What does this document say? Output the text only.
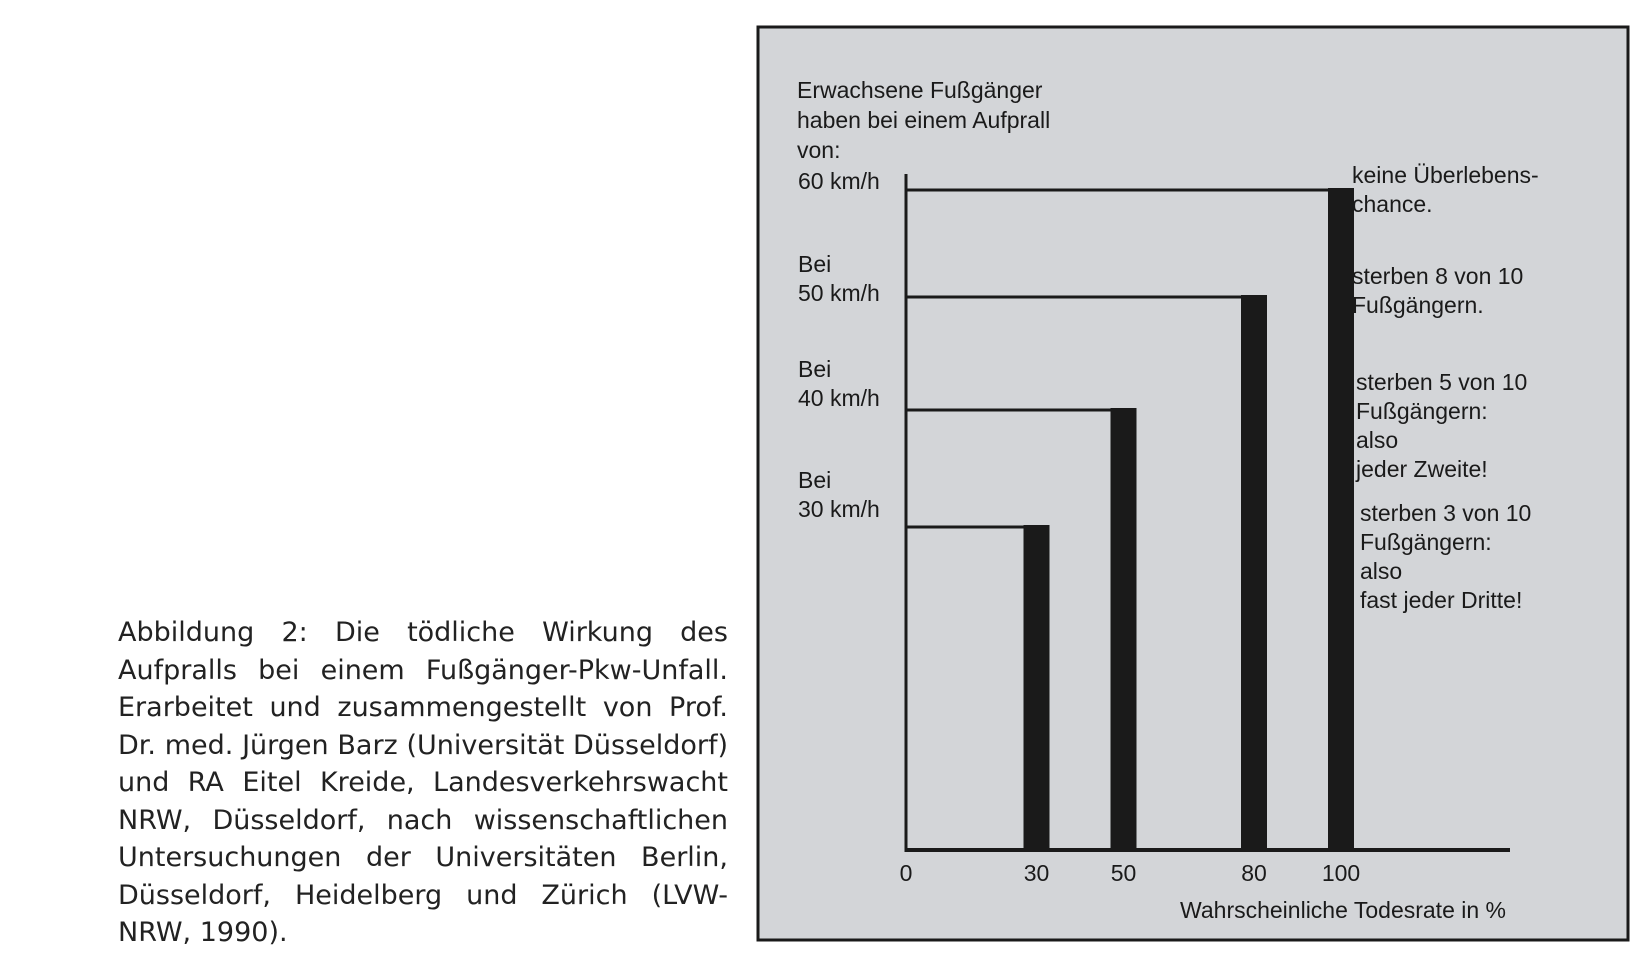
0	30	50	80 100
Erwachsene Fußgänger
haben bei einem Aufprall
von:
60 km/h
Bei
50 km/h
Bei
40 km/h
Bei
30 km/h
keine Überlebens-
chance.
sterben 8 von 10
Fußgängern.
sterben 5 von 10
Fußgängern:
also
jeder Zweite!
sterben 3 von 10
Fußgängern:
also
fast jeder Dritte!
Wahrscheinliche Todesrate in %
Abbildung 2: Die tödliche Wirkung des Aufpralls bei einem Fußgänger-Pkw-Unfall. Erarbeitet und zusammengestellt von Prof. Dr. med. Jürgen Barz (Universität Düsseldorf) und RA Eitel Kreide, Landesverkehrswacht NRW, Düsseldorf, nach wissenschaftlichen Untersuchungen der Universitäten Berlin, Düsseldorf, Heidelberg und Zürich (LVW-NRW, 1990).
